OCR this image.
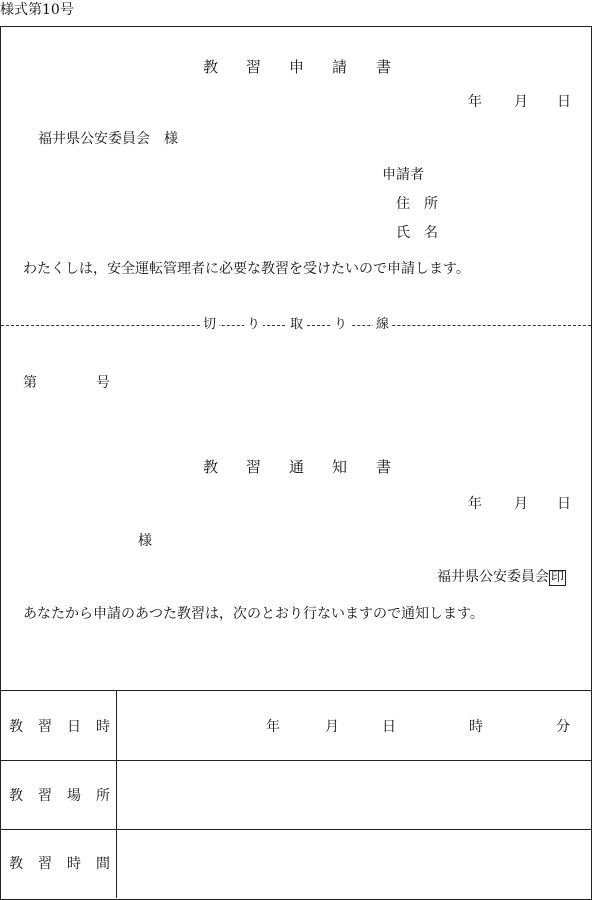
様式第10号
教 習 申 請 書
年 月 日
福井県公安委員会　様
申請者
住 所
氏 名
わたくしは，安全運転管理者に必要な教習を受けたいので申請します。
切 り 取 り 線
第	号
教 習 通 知 書
年 月 日
様
福井県公安委員会 印
あなたから申請のあつた教習は，次のとおり行ないますので通知します。
教 習 日 時	年	月	日	時	分
教 習 場 所
教 習 時 間
